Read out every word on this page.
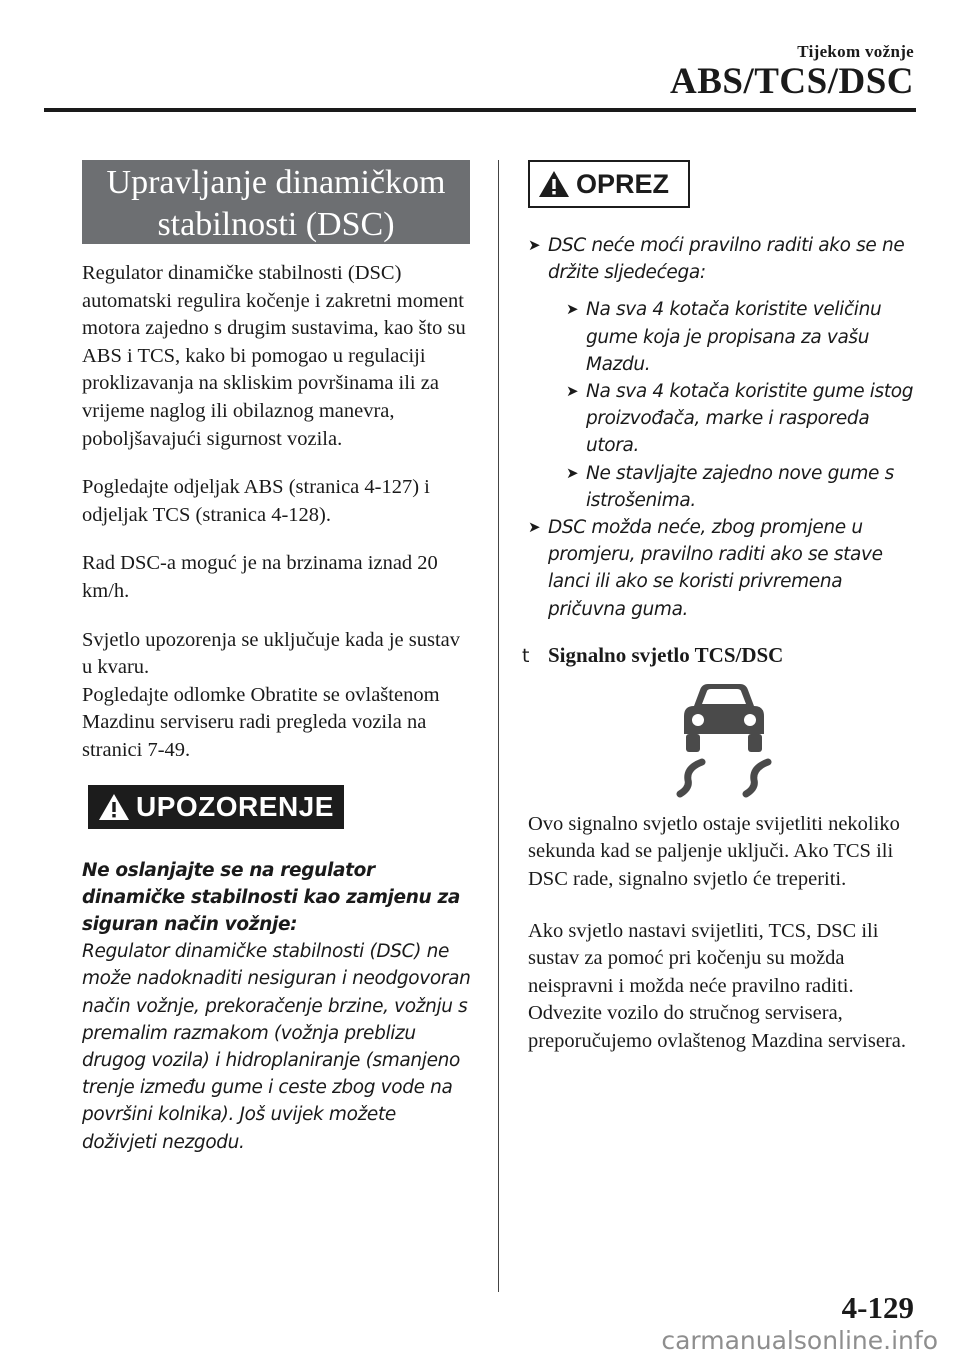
Tijekom vožnje
ABS/TCS/DSC
Upravljanje dinamičkom stabilnosti (DSC)

Regulator dinamičke stabilnosti (DSC) automatski regulira kočenje i zakretni moment motora zajedno s drugim sustavima, kao što su ABS i TCS, kako bi pomogao u regulaciji proklizavanja na skliskim površinama ili za vrijeme naglog ili obilaznog manevra, poboljšavajući sigurnost vozila.

Pogledajte odjeljak ABS (stranica 4-127) i odjeljak TCS (stranica 4-128).

Rad DSC-a moguć je na brzinama iznad 20 km/h.

Svjetlo upozorenja se uključuje kada je sustav u kvaru.

Pogledajte odlomke Obratite se ovlaštenom Mazdinu serviseru radi pregleda vozila na stranici 7-49.

UPOZORENJE

Ne oslanjajte se na regulator dinamičke stabilnosti kao zamjenu za siguran način vožnje:

Regulator dinamičke stabilnosti (DSC) ne može nadoknaditi nesiguran i neodgovoran način vožnje, prekoračenje brzine, vožnju s premalim razmakom (vožnja preblizu drugog vozila) i hidroplaniranje (smanjeno trenje između gume i ceste zbog vode na površini kolnika). Još uvijek možete doživjeti nezgodu.

OPREZ
➤ DSC neće moći pravilno raditi ako se ne držite sljedećega:
➤ Na sva 4 kotača koristite veličinu gume koja je propisana za vašu Mazdu.
➤ Na sva 4 kotača koristite gume istog proizvođača, marke i rasporeda utora.
➤ Ne stavljajte zajedno nove gume s istrošenima.
➤ DSC možda neće, zbog promjene u promjeru, pravilno raditi ako se stave lanci ili ako se koristi privremena pričuvna guma.
t Signalno svjetlo TCS/DSC

Ovo signalno svjetlo ostaje svijetliti nekoliko sekunda kad se paljenje uključi. Ako TCS ili DSC rade, signalno svjetlo će treperiti.

Ako svjetlo nastavi svijetliti, TCS, DSC ili sustav za pomoć pri kočenju su možda neispravni i možda neće pravilno raditi. Odvezite vozilo do stručnog servisera, preporučujemo ovlaštenog Mazdina servisera.

4-129
carmanualsonline.info
